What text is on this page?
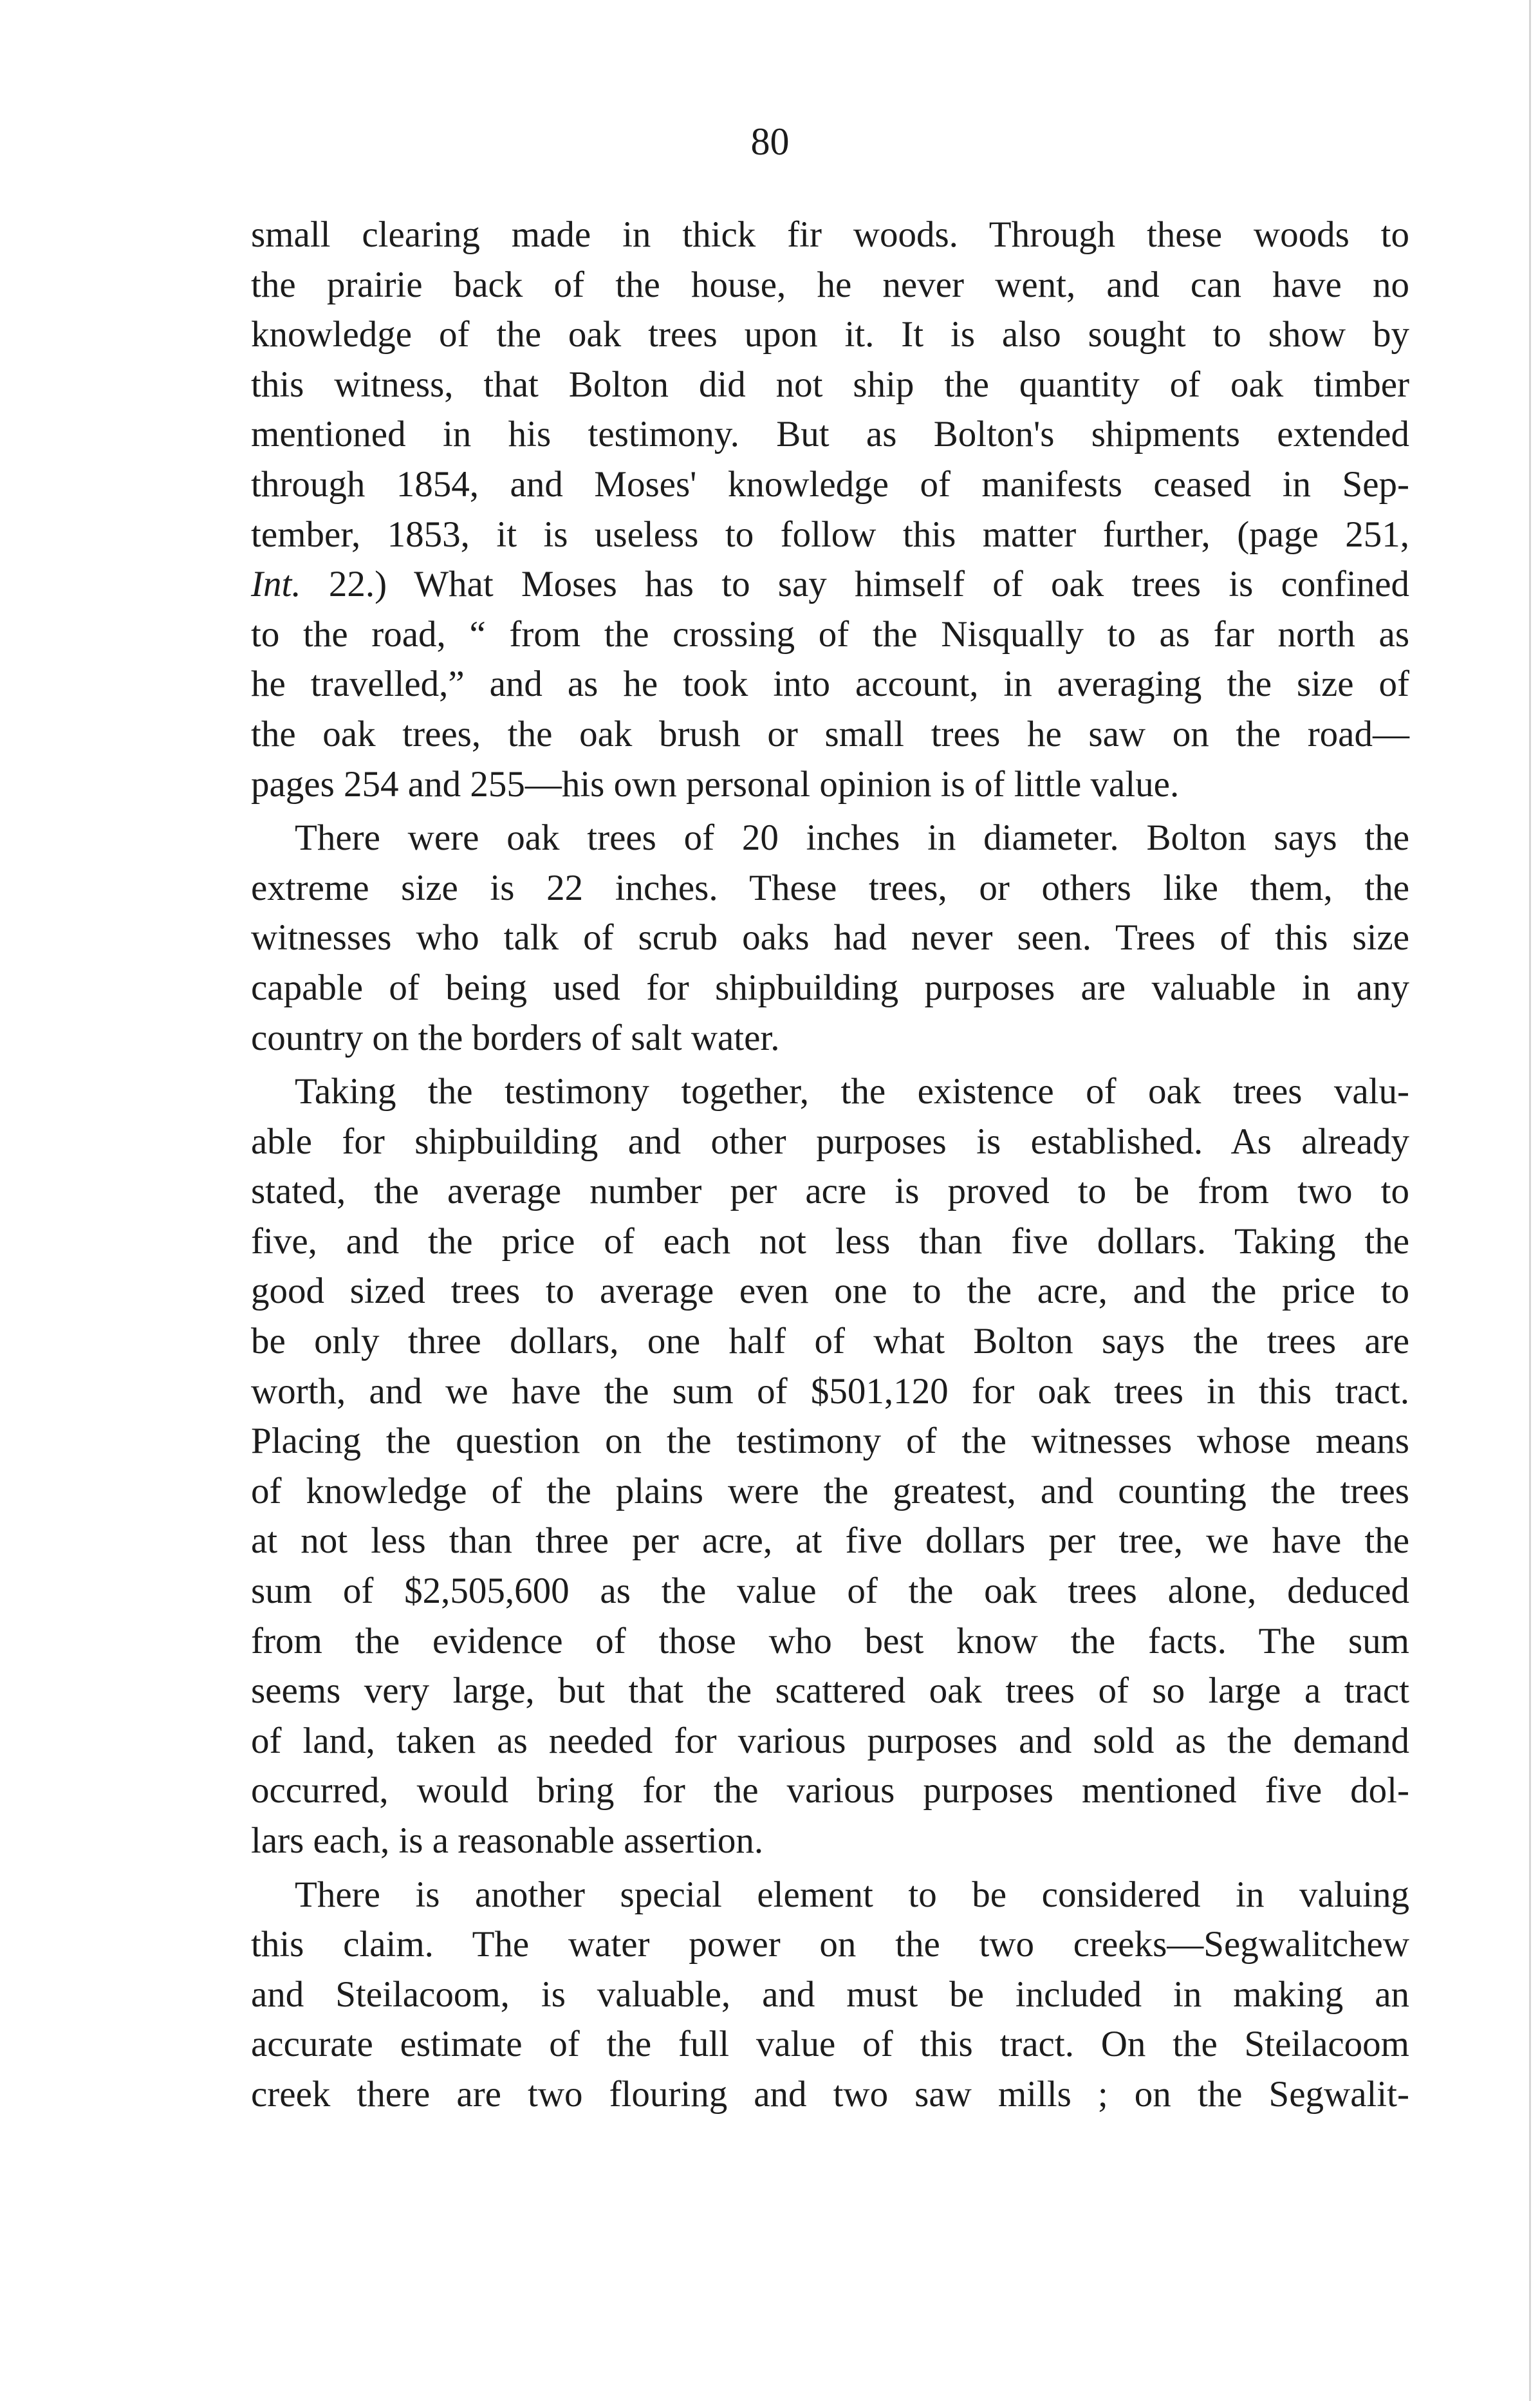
80
small clearing made in thick fir woods. Through these woods to
the prairie back of the house, he never went, and can have no
knowledge of the oak trees upon it. It is also sought to show by
this witness, that Bolton did not ship the quantity of oak timber
mentioned in his testimony. But as Bolton's shipments extended
through 1854, and Moses' knowledge of manifests ceased in Sep-
tember, 1853, it is useless to follow this matter further, (page 251,
Int. 22.) What Moses has to say himself of oak trees is confined
to the road, “ from the crossing of the Nisqually to as far north as
he travelled,” and as he took into account, in averaging the size of
the oak trees, the oak brush or small trees he saw on the road—
pages 254 and 255—his own personal opinion is of little value.
There were oak trees of 20 inches in diameter. Bolton says the
extreme size is 22 inches. These trees, or others like them, the
witnesses who talk of scrub oaks had never seen. Trees of this size
capable of being used for shipbuilding purposes are valuable in any
country on the borders of salt water.
Taking the testimony together, the existence of oak trees valu-
able for shipbuilding and other purposes is established. As already
stated, the average number per acre is proved to be from two to
five, and the price of each not less than five dollars. Taking the
good sized trees to average even one to the acre, and the price to
be only three dollars, one half of what Bolton says the trees are
worth, and we have the sum of $501,120 for oak trees in this tract.
Placing the question on the testimony of the witnesses whose means
of knowledge of the plains were the greatest, and counting the trees
at not less than three per acre, at five dollars per tree, we have the
sum of $2,505,600 as the value of the oak trees alone, deduced
from the evidence of those who best know the facts. The sum
seems very large, but that the scattered oak trees of so large a tract
of land, taken as needed for various purposes and sold as the demand
occurred, would bring for the various purposes mentioned five dol-
lars each, is a reasonable assertion.
There is another special element to be considered in valuing
this claim. The water power on the two creeks—Segwalitchew
and Steilacoom, is valuable, and must be included in making an
accurate estimate of the full value of this tract. On the Steilacoom
creek there are two flouring and two saw mills ; on the Segwalit-
